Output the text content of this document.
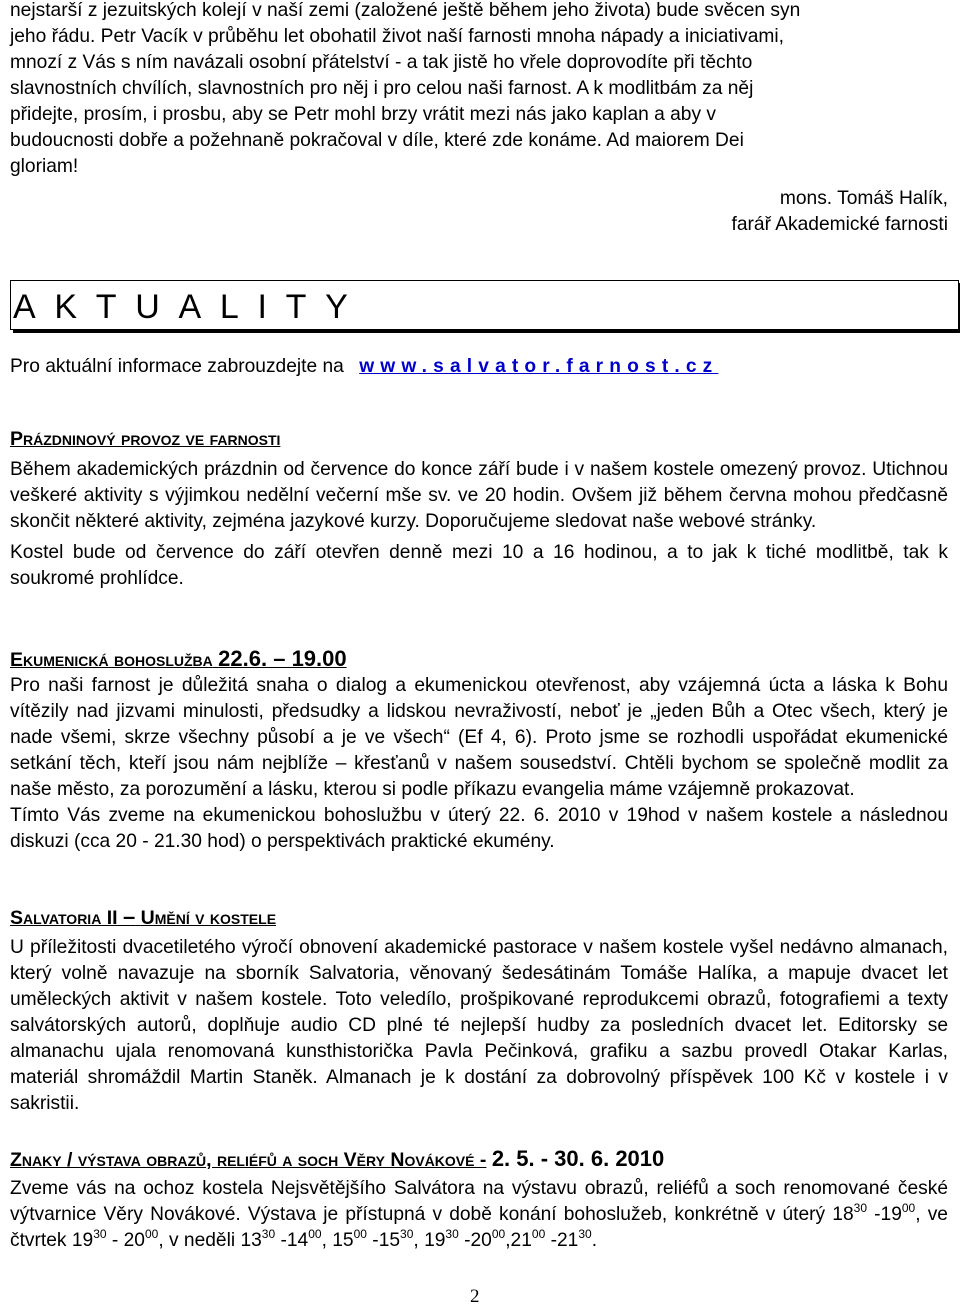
nejstarší z jezuitských kolejí v naší zemi (založené ještě během jeho života) bude svěcen syn

jeho řádu. Petr Vacík v průběhu let obohatil život naší farnosti mnoha nápady a iniciativami,

mnozí z Vás s ním navázali osobní přátelství - a tak jistě ho vřele doprovodíte při těchto

slavnostních chvílích, slavnostních pro něj i pro celou naši farnost. A k modlitbám za něj

přidejte, prosím, i prosbu, aby se Petr mohl brzy vrátit mezi nás jako kaplan a aby v

budoucnosti dobře a požehnaně pokračoval v díle, které zde konáme. Ad maiorem Dei

gloriam!

mons. Tomáš Halík,
farář Akademické farnosti
AKTUALITY
Pro aktuální informace zabrouzdejte na www.salvator.farnost.cz
Prázdninový provoz ve farnosti

Během akademických prázdnin od července do konce září bude i v našem kostele omezený provoz. Utichnou veškeré aktivity s výjimkou nedělní večerní mše sv. ve 20 hodin. Ovšem již během června mohou předčasně skončit některé aktivity, zejména jazykové kurzy. Doporučujeme sledovat naše webové stránky.

Kostel bude od července do září otevřen denně mezi 10 a 16 hodinou, a to jak k tiché modlitbě, tak k soukromé prohlídce.

Ekumenická bohoslužba 22.6. – 19.00

Pro naši farnost je důležitá snaha o dialog a ekumenickou otevřenost, aby vzájemná úcta a láska k Bohu vítězily nad jizvami minulosti, předsudky a lidskou nevraživostí, neboť je „jeden Bůh a Otec všech, který je nade všemi, skrze všechny působí a je ve všech“ (Ef 4, 6). Proto jsme se rozhodli uspořádat ekumenické setkání těch, kteří jsou nám nejblíže – křesťanů v našem sousedství. Chtěli bychom se společně modlit za naše město, za porozumění a lásku, kterou si podle příkazu evangelia máme vzájemně prokazovat.

Tímto Vás zveme na ekumenickou bohoslužbu v úterý 22. 6. 2010 v 19hod v našem kostele a následnou diskuzi (cca 20 - 21.30 hod) o perspektivách praktické ekumény.

Salvatoria II – Umění v kostele

U příležitosti dvacetiletého výročí obnovení akademické pastorace v našem kostele vyšel nedávno almanach, který volně navazuje na sborník Salvatoria, věnovaný šedesátinám Tomáše Halíka, a mapuje dvacet let uměleckých aktivit v našem kostele. Toto veledílo, prošpikované reprodukcemi obrazů, fotografiemi a texty salvátorských autorů, doplňuje audio CD plné té nejlepší hudby za posledních dvacet let. Editorsky se almanachu ujala renomovaná kunsthistorička Pavla Pečinková, grafiku a sazbu provedl Otakar Karlas, materiál shromáždil Martin Staněk. Almanach je k dostání za dobrovolný příspěvek 100 Kč v kostele i v sakristii.

Znaky / výstava obrazů, reliéfů a soch Věry Novákové - 2. 5. - 30. 6. 2010

Zveme vás na ochoz kostela Nejsvětějšího Salvátora na výstavu obrazů, reliéfů a soch renomované české výtvarnice Věry Novákové. Výstava je přístupná v době konání bohoslužeb, konkrétně v úterý $18^{30}$ $-19^{00}$, ve čtvrtek $19^{30} - 20^{00}$, v neděli $13^{30}$ $-14^{00}$, $15^{00}$ $-15^{30}$, $19^{30}$ $-20^{00},21^{00}$ $-21^{30}$.

2
